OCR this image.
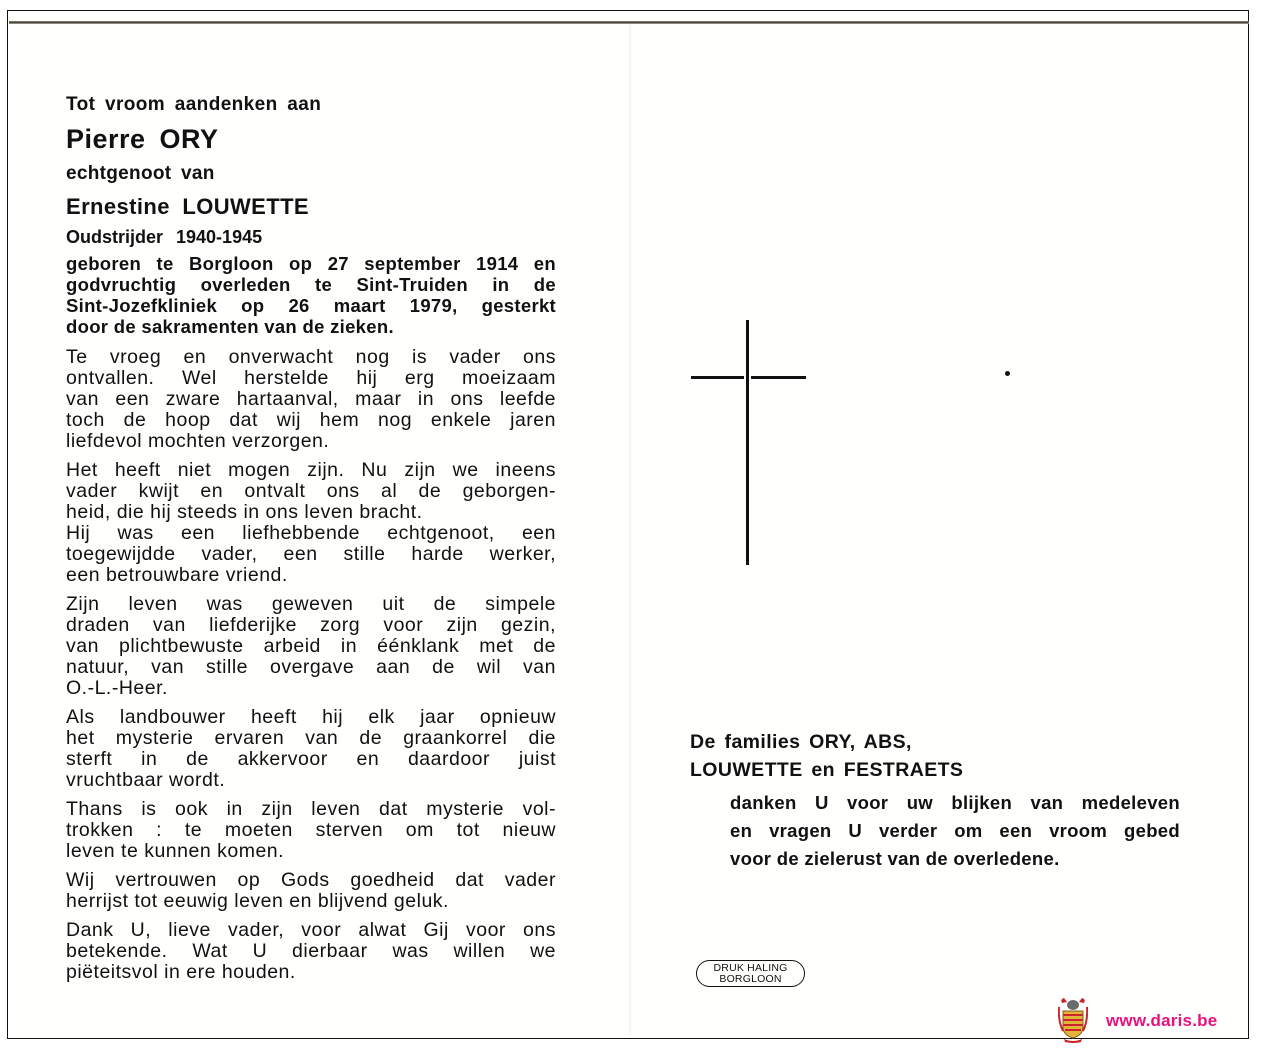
Tot vroom aandenken aan
Pierre ORY
echtgenoot van
Ernestine LOUWETTE
Oudstrijder 1940-1945
geboren te Borgloon op 27 september 1914 en
godvruchtig overleden te Sint-Truiden in de
Sint-Jozefkliniek op 26 maart 1979, gesterkt
door de sakramenten van de zieken.
Te vroeg en onverwacht nog is vader ons
ontvallen. Wel herstelde hij erg moeizaam
van een zware hartaanval, maar in ons leefde
toch de hoop dat wij hem nog enkele jaren
liefdevol mochten verzorgen.
Het heeft niet mogen zijn. Nu zijn we ineens
vader kwijt en ontvalt ons al de geborgen-
heid, die hij steeds in ons leven bracht.
Hij was een liefhebbende echtgenoot, een
toegewijdde vader, een stille harde werker,
een betrouwbare vriend.
Zijn leven was geweven uit de simpele
draden van liefderijke zorg voor zijn gezin,
van plichtbewuste arbeid in éénklank met de
natuur, van stille overgave aan de wil van
O.-L.-Heer.
Als landbouwer heeft hij elk jaar opnieuw
het mysterie ervaren van de graankorrel die
sterft in de akkervoor en daardoor juist
vruchtbaar wordt.
Thans is ook in zijn leven dat mysterie vol-
trokken : te moeten sterven om tot nieuw
leven te kunnen komen.
Wij vertrouwen op Gods goedheid dat vader
herrijst tot eeuwig leven en blijvend geluk.
Dank U, lieve vader, voor alwat Gij voor ons
betekende. Wat U dierbaar was willen we
piëteitsvol in ere houden.
De families ORY, ABS,
LOUWETTE en FESTRAETS
danken U voor uw blijken van medeleven
en vragen U verder om een vroom gebed
voor de zielerust van de overledene.
DRUK HALING
BORGLOON
www.daris.be
